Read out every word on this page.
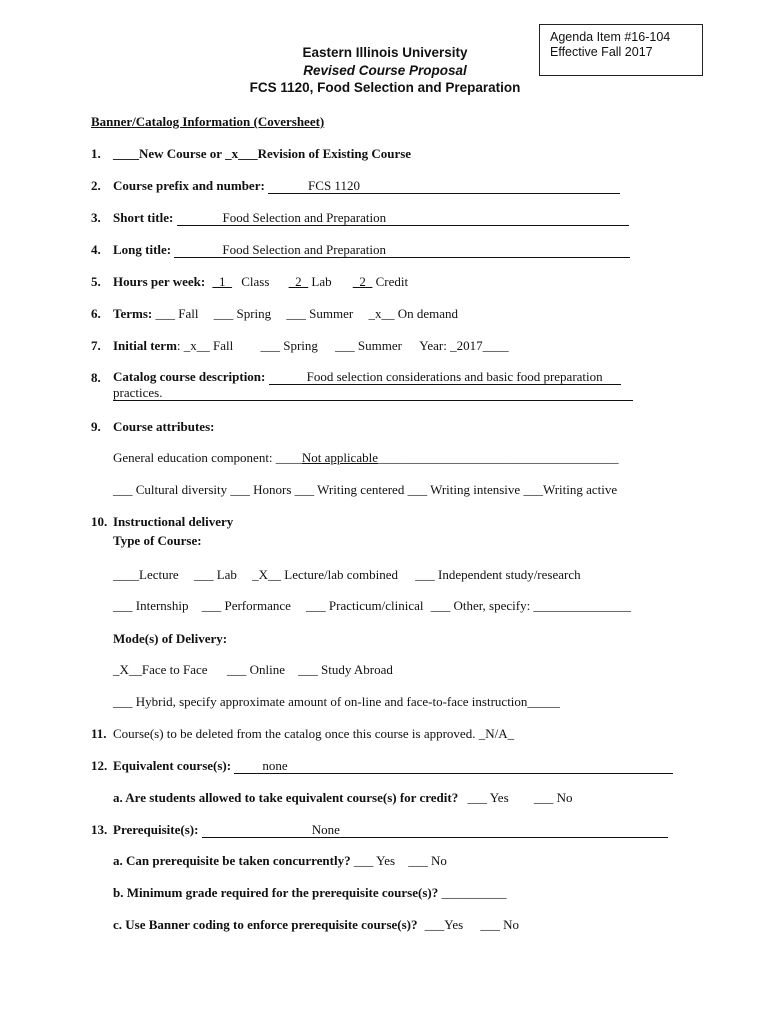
Agenda Item #16-104
Effective Fall 2017
Eastern Illinois University
Revised Course Proposal
FCS 1120, Food Selection and Preparation
Banner/Catalog Information (Coversheet)
1. ____New Course or _x___Revision of Existing Course
2. Course prefix and number:	FCS 1120
3. Short title:	Food Selection and Preparation
4. Long title:	Food Selection and Preparation
5. Hours per week: _1_ Class _2_ Lab _2_ Credit
6. Terms: ___ Fall ___ Spring ___ Summer _x__ On demand
7. Initial term: _x__ Fall ___ Spring ___ Summer Year: _2017____
8. Catalog course description:	Food selection considerations and basic food preparation
practices.
9. Course attributes:
General education component: ____Not applicable_____________________________________
___ Cultural diversity ___ Honors ___ Writing centered ___ Writing intensive ___Writing active
10. Instructional delivery
Type of Course:
____Lecture ___ Lab _X__ Lecture/lab combined ___ Independent study/research
___ Internship ___ Performance ___ Practicum/clinical ___ Other, specify: _______________
Mode(s) of Delivery:
_X__Face to Face ___ Online ___ Study Abroad
___ Hybrid, specify approximate amount of on-line and face-to-face instruction_____
11. Course(s) to be deleted from the catalog once this course is approved. _N/A_
12. Equivalent course(s): none
a. Are students allowed to take equivalent course(s) for credit? ___ Yes ___ No
13. Prerequisite(s):	None
a. Can prerequisite be taken concurrently? ___ Yes ___ No
b. Minimum grade required for the prerequisite course(s)? __________
c. Use Banner coding to enforce prerequisite course(s)? ___Yes ___ No
